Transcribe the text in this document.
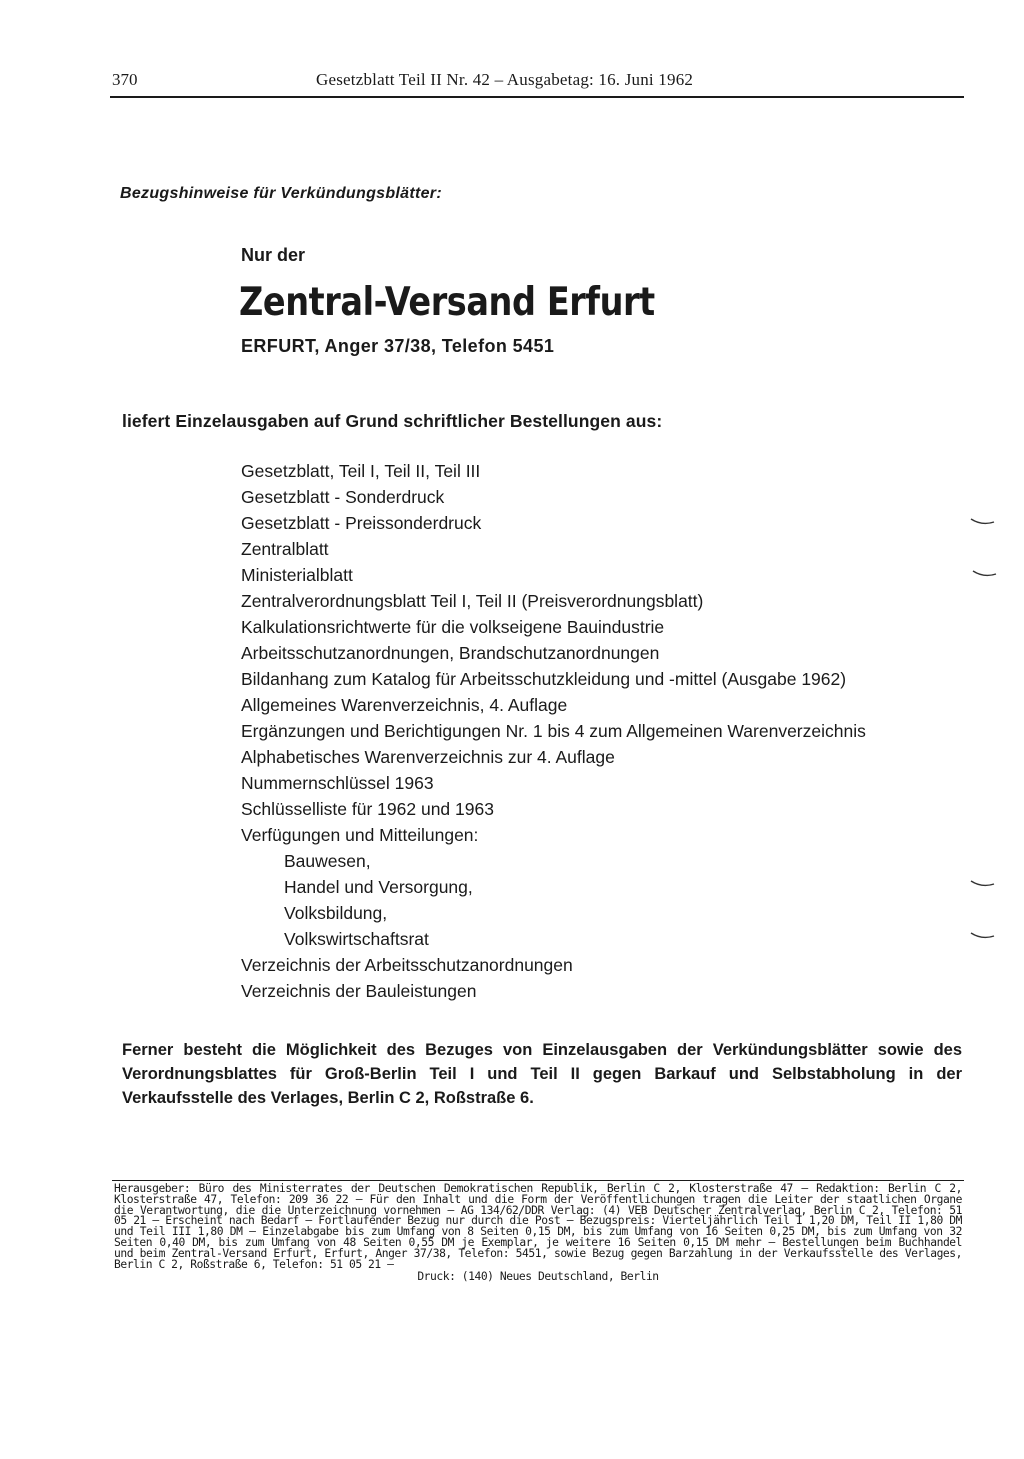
370	Gesetzblatt Teil II Nr. 42 – Ausgabetag: 16. Juni 1962
Bezugshinweise für Verkündungsblätter:
Nur der
Zentral-Versand Erfurt
ERFURT, Anger 37/38, Telefon 5451
liefert Einzelausgaben auf Grund schriftlicher Bestellungen aus:
Gesetzblatt, Teil I, Teil II, Teil III
Gesetzblatt - Sonderdruck
Gesetzblatt - Preissonderdruck
Zentralblatt
Ministerialblatt
Zentralverordnungsblatt Teil I, Teil II (Preisverordnungsblatt)
Kalkulationsrichtwerte für die volkseigene Bauindustrie
Arbeitsschutzanordnungen, Brandschutzanordnungen
Bildanhang zum Katalog für Arbeitsschutzkleidung und -mittel (Ausgabe 1962)
Allgemeines Warenverzeichnis, 4. Auflage
Ergänzungen und Berichtigungen Nr. 1 bis 4 zum Allgemeinen Warenverzeichnis
Alphabetisches Warenverzeichnis zur 4. Auflage
Nummernschlüssel 1963
Schlüsselliste für 1962 und 1963
Verfügungen und Mitteilungen:
Bauwesen,
Handel und Versorgung,
Volksbildung,
Volkswirtschaftsrat
Verzeichnis der Arbeitsschutzanordnungen
Verzeichnis der Bauleistungen

Ferner besteht die Möglichkeit des Bezuges von Einzelausgaben der Verkündungsblätter sowie des Verordnungsblattes für Groß-Berlin Teil I und Teil II gegen Barkauf und Selbstabholung in der Verkaufsstelle des Verlages, Berlin C 2, Roßstraße 6.

Herausgeber: Büro des Ministerrates der Deutschen Demokratischen Republik, Berlin C 2, Klosterstraße 47 – Redaktion: Berlin C 2, Klosterstraße 47, Telefon: 209 36 22 – Für den Inhalt und die Form der Veröffentlichungen tragen die Leiter der staatlichen Organe die Verantwortung, die die Unterzeichnung vornehmen – AG 134/62/DDR Verlag: (4) VEB Deutscher Zentralverlag, Berlin C 2, Telefon: 51 05 21 – Erscheint nach Bedarf – Fortlaufender Bezug nur durch die Post – Bezugspreis: Vierteljährlich Teil I 1,20 DM, Teil II 1,80 DM und Teil III 1,80 DM – Einzelabgabe bis zum Umfang von 8 Seiten 0,15 DM, bis zum Umfang von 16 Seiten 0,25 DM, bis zum Umfang von 32 Seiten 0,40 DM, bis zum Umfang von 48 Seiten 0,55 DM je Exemplar, je weitere 16 Seiten 0,15 DM mehr – Bestellungen beim Buchhandel und beim Zentral-Versand Erfurt, Erfurt, Anger 37/38, Telefon: 5451, sowie Bezug gegen Barzahlung in der Verkaufsstelle des Verlages, Berlin C 2, Roßstraße 6, Telefon: 51 05 21 –

Druck: (140) Neues Deutschland, Berlin
